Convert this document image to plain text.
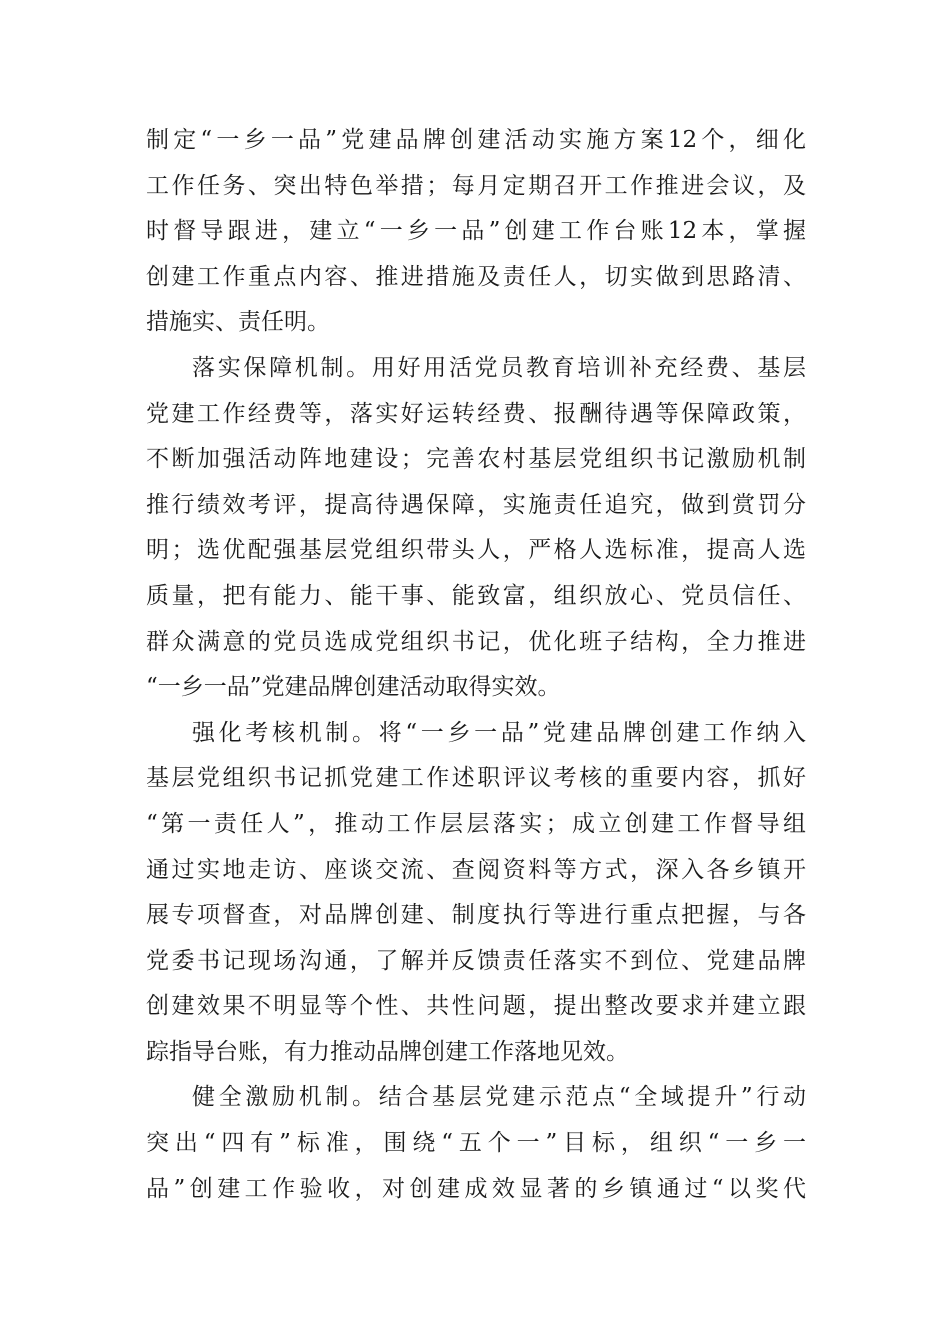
制定“一乡一品”党建品牌创建活动实施方案12个，细化
工作任务、突出特色举措；每月定期召开工作推进会议，及
时督导跟进，建立“一乡一品”创建工作台账12本，掌握
创建工作重点内容、推进措施及责任人，切实做到思路清、
措施实、责任明。
落实保障机制。用好用活党员教育培训补充经费、基层
党建工作经费等，落实好运转经费、报酬待遇等保障政策，
不断加强活动阵地建设；完善农村基层党组织书记激励机制
推行绩效考评，提高待遇保障，实施责任追究，做到赏罚分
明；选优配强基层党组织带头人，严格人选标准，提高人选
质量，把有能力、能干事、能致富，组织放心、党员信任、
群众满意的党员选成党组织书记，优化班子结构，全力推进
“一乡一品”党建品牌创建活动取得实效。
强化考核机制。将“一乡一品”党建品牌创建工作纳入
基层党组织书记抓党建工作述职评议考核的重要内容，抓好
“第一责任人”，推动工作层层落实；成立创建工作督导组
通过实地走访、座谈交流、查阅资料等方式，深入各乡镇开
展专项督查，对品牌创建、制度执行等进行重点把握，与各
党委书记现场沟通，了解并反馈责任落实不到位、党建品牌
创建效果不明显等个性、共性问题，提出整改要求并建立跟
踪指导台账，有力推动品牌创建工作落地见效。
健全激励机制。结合基层党建示范点“全域提升”行动
突出“四有”标准，围绕“五个一”目标，组织“一乡一
品”创建工作验收，对创建成效显著的乡镇通过“以奖代
